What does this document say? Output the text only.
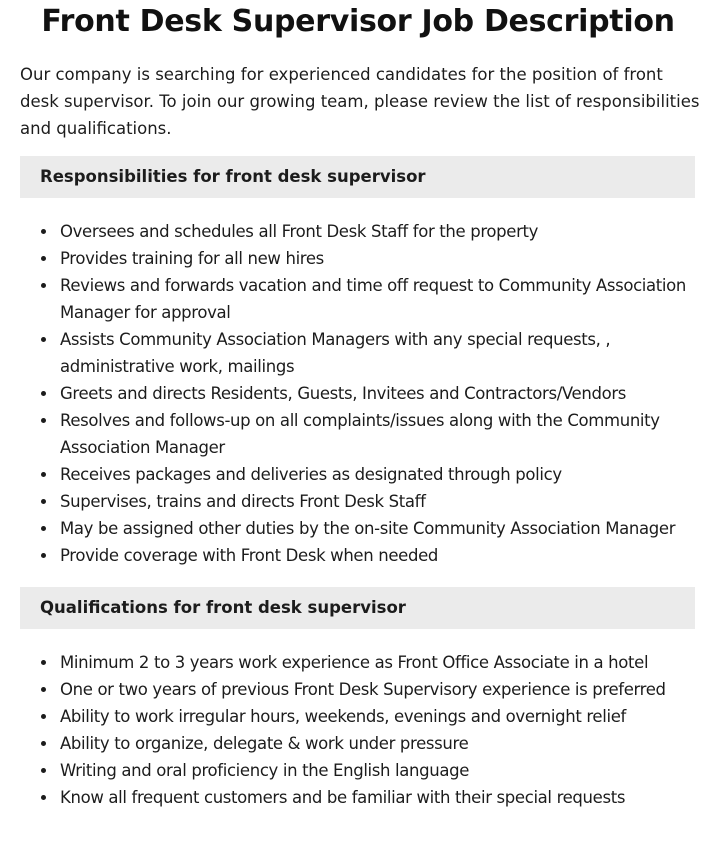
Front Desk Supervisor Job Description

Our company is searching for experienced candidates for the position of front desk supervisor. To join our growing team, please review the list of responsibilities and qualifications.

Responsibilities for front desk supervisor
Oversees and schedules all Front Desk Staff for the property
Provides training for all new hires
Reviews and forwards vacation and time off request to Community Association Manager for approval
Assists Community Association Managers with any special requests, , administrative work, mailings
Greets and directs Residents, Guests, Invitees and Contractors/Vendors
Resolves and follows-up on all complaints/issues along with the Community Association Manager
Receives packages and deliveries as designated through policy
Supervises, trains and directs Front Desk Staff
May be assigned other duties by the on-site Community Association Manager
Provide coverage with Front Desk when needed
Qualifications for front desk supervisor
Minimum 2 to 3 years work experience as Front Office Associate in a hotel
One or two years of previous Front Desk Supervisory experience is preferred
Ability to work irregular hours, weekends, evenings and overnight relief
Ability to organize, delegate & work under pressure
Writing and oral proficiency in the English language
Know all frequent customers and be familiar with their special requests
